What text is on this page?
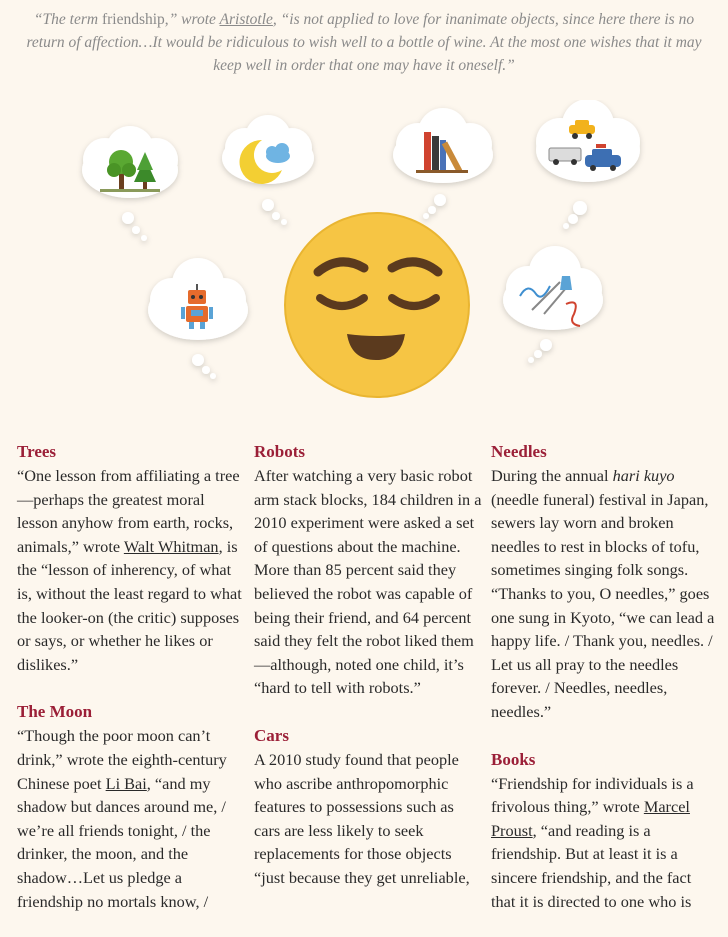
“The term friendship,” wrote Aristotle, “is not applied to love for inanimate objects, since here there is no return of affection…It would be ridiculous to wish well to a bottle of wine. At the most one wishes that it may keep well in order that one may have it oneself.”
Trees

“One lesson from affiliating a tree —perhaps the greatest moral lesson anyhow from earth, rocks, animals,” wrote Walt Whitman, is the “lesson of inherency, of what is, without the least regard to what the looker-on (the critic) supposes or says, or whether he likes or dislikes.”

The Moon

“Though the poor moon can’t drink,” wrote the eighth-century Chinese poet Li Bai, “and my shadow but dances around me, / we’re all friends tonight, / the drinker, the moon, and the shadow…Let us pledge a friendship no mortals know, /

Robots

After watching a very basic robot arm stack blocks, 184 children in a 2010 experiment were asked a set of questions about the machine. More than 85 percent said they believed the robot was capable of being their friend, and 64 percent said they felt the robot liked them—although, noted one child, it’s “hard to tell with robots.”

Cars

A 2010 study found that people who ascribe anthropomorphic features to possessions such as cars are less likely to seek replacements for those objects “just because they get unreliable,

Needles

During the annual hari kuyo (needle funeral) festival in Japan, sewers lay worn and broken needles to rest in blocks of tofu, sometimes singing folk songs. “Thanks to you, O needles,” goes one sung in Kyoto, “we can lead a happy life. / Thank you, needles. / Let us all pray to the needles forever. / Needles, needles, needles.”

Books

“Friendship for individuals is a frivolous thing,” wrote Marcel Proust, “and reading is a friendship. But at least it is a sincere friendship, and the fact that it is directed to one who is
